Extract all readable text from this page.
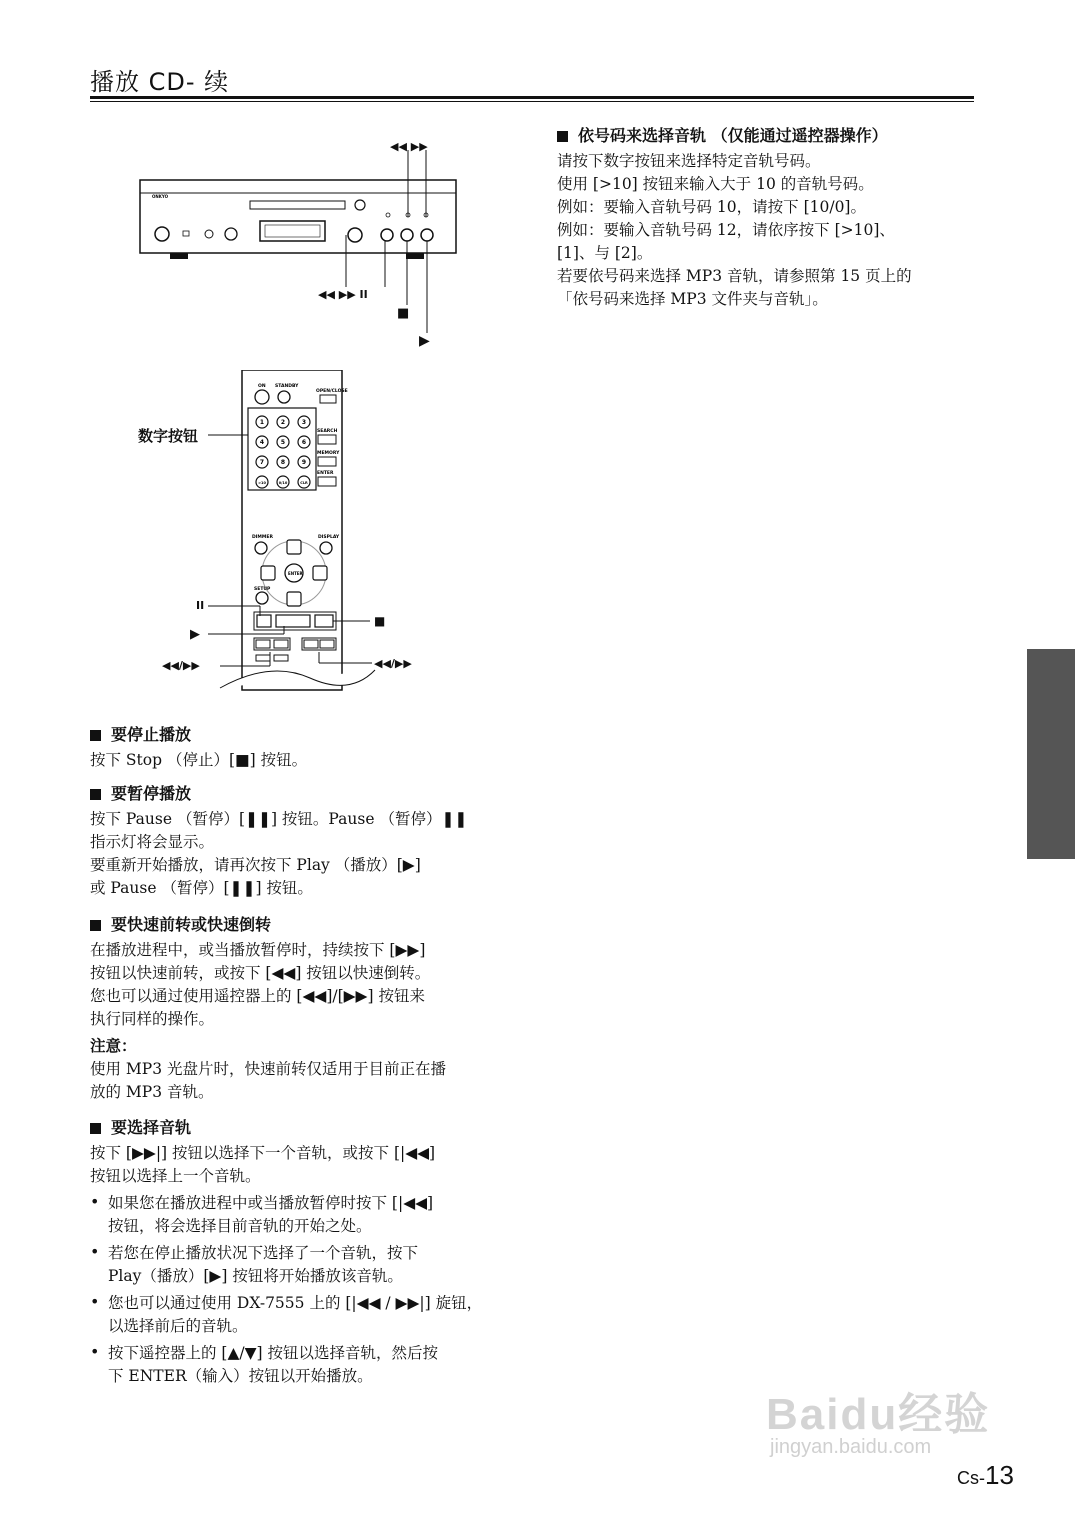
播放 CD- 续
ONKYO
◀◀ ▶▶
◀◀ ▶▶ II
■
▶
ON STANDBY
OPEN/CLOSE
1	2	3
4	5	6
7	8	9
>10	0/10	CLR
SEARCH
MEMORY
ENTER
DIMMER	DISPLAY
ENTER
SETUP
数字按钮
II
▶
■
◀◀/▶▶	◀◀/▶▶
要停止播放

按下 Stop （停止）[■] 按钮。

要暂停播放

按下 Pause （暂停）[❚❚] 按钮。Pause （暂停）❚❚

指示灯将会显示。

要重新开始播放，请再次按下 Play （播放）[▶]

或 Pause （暂停）[❚❚] 按钮。

要快速前转或快速倒转

在播放进程中，或当播放暂停时，持续按下 [▶▶]

按钮以快速前转，或按下 [◀◀] 按钮以快速倒转。

您也可以通过使用遥控器上的 [◀◀]/[▶▶] 按钮来

执行同样的操作。

注意：

使用 MP3 光盘片时，快速前转仅适用于目前正在播

放的 MP3 音轨。

要选择音轨

按下 [▶▶|] 按钮以选择下一个音轨，或按下 [|◀◀]

按钮以选择上一个音轨。

• 如果您在播放进程中或当播放暂停时按下 [|◀◀]

按钮，将会选择目前音轨的开始之处。

• 若您在停止播放状况下选择了一个音轨，按下

Play（播放）[▶] 按钮将开始播放该音轨。

• 您也可以通过使用 DX-7555 上的 [|◀◀ / ▶▶|] 旋钮，

以选择前后的音轨。

• 按下遥控器上的 [▲/▼] 按钮以选择音轨，然后按

下 ENTER（输入）按钮以开始播放。

依号码来选择音轨 （仅能通过遥控器操作）

请按下数字按钮来选择特定音轨号码。

使用 [>10] 按钮来输入大于 10 的音轨号码。

例如：要输入音轨号码 10，请按下 [10/0]。

例如：要输入音轨号码 12，请依序按下 [>10]、

[1]、与 [2]。

若要依号码来选择 MP3 音轨，请参照第 15 页上的

「依号码来选择 MP3 文件夹与音轨」。

Baidu经验
jingyan.baidu.com
Cs-13
